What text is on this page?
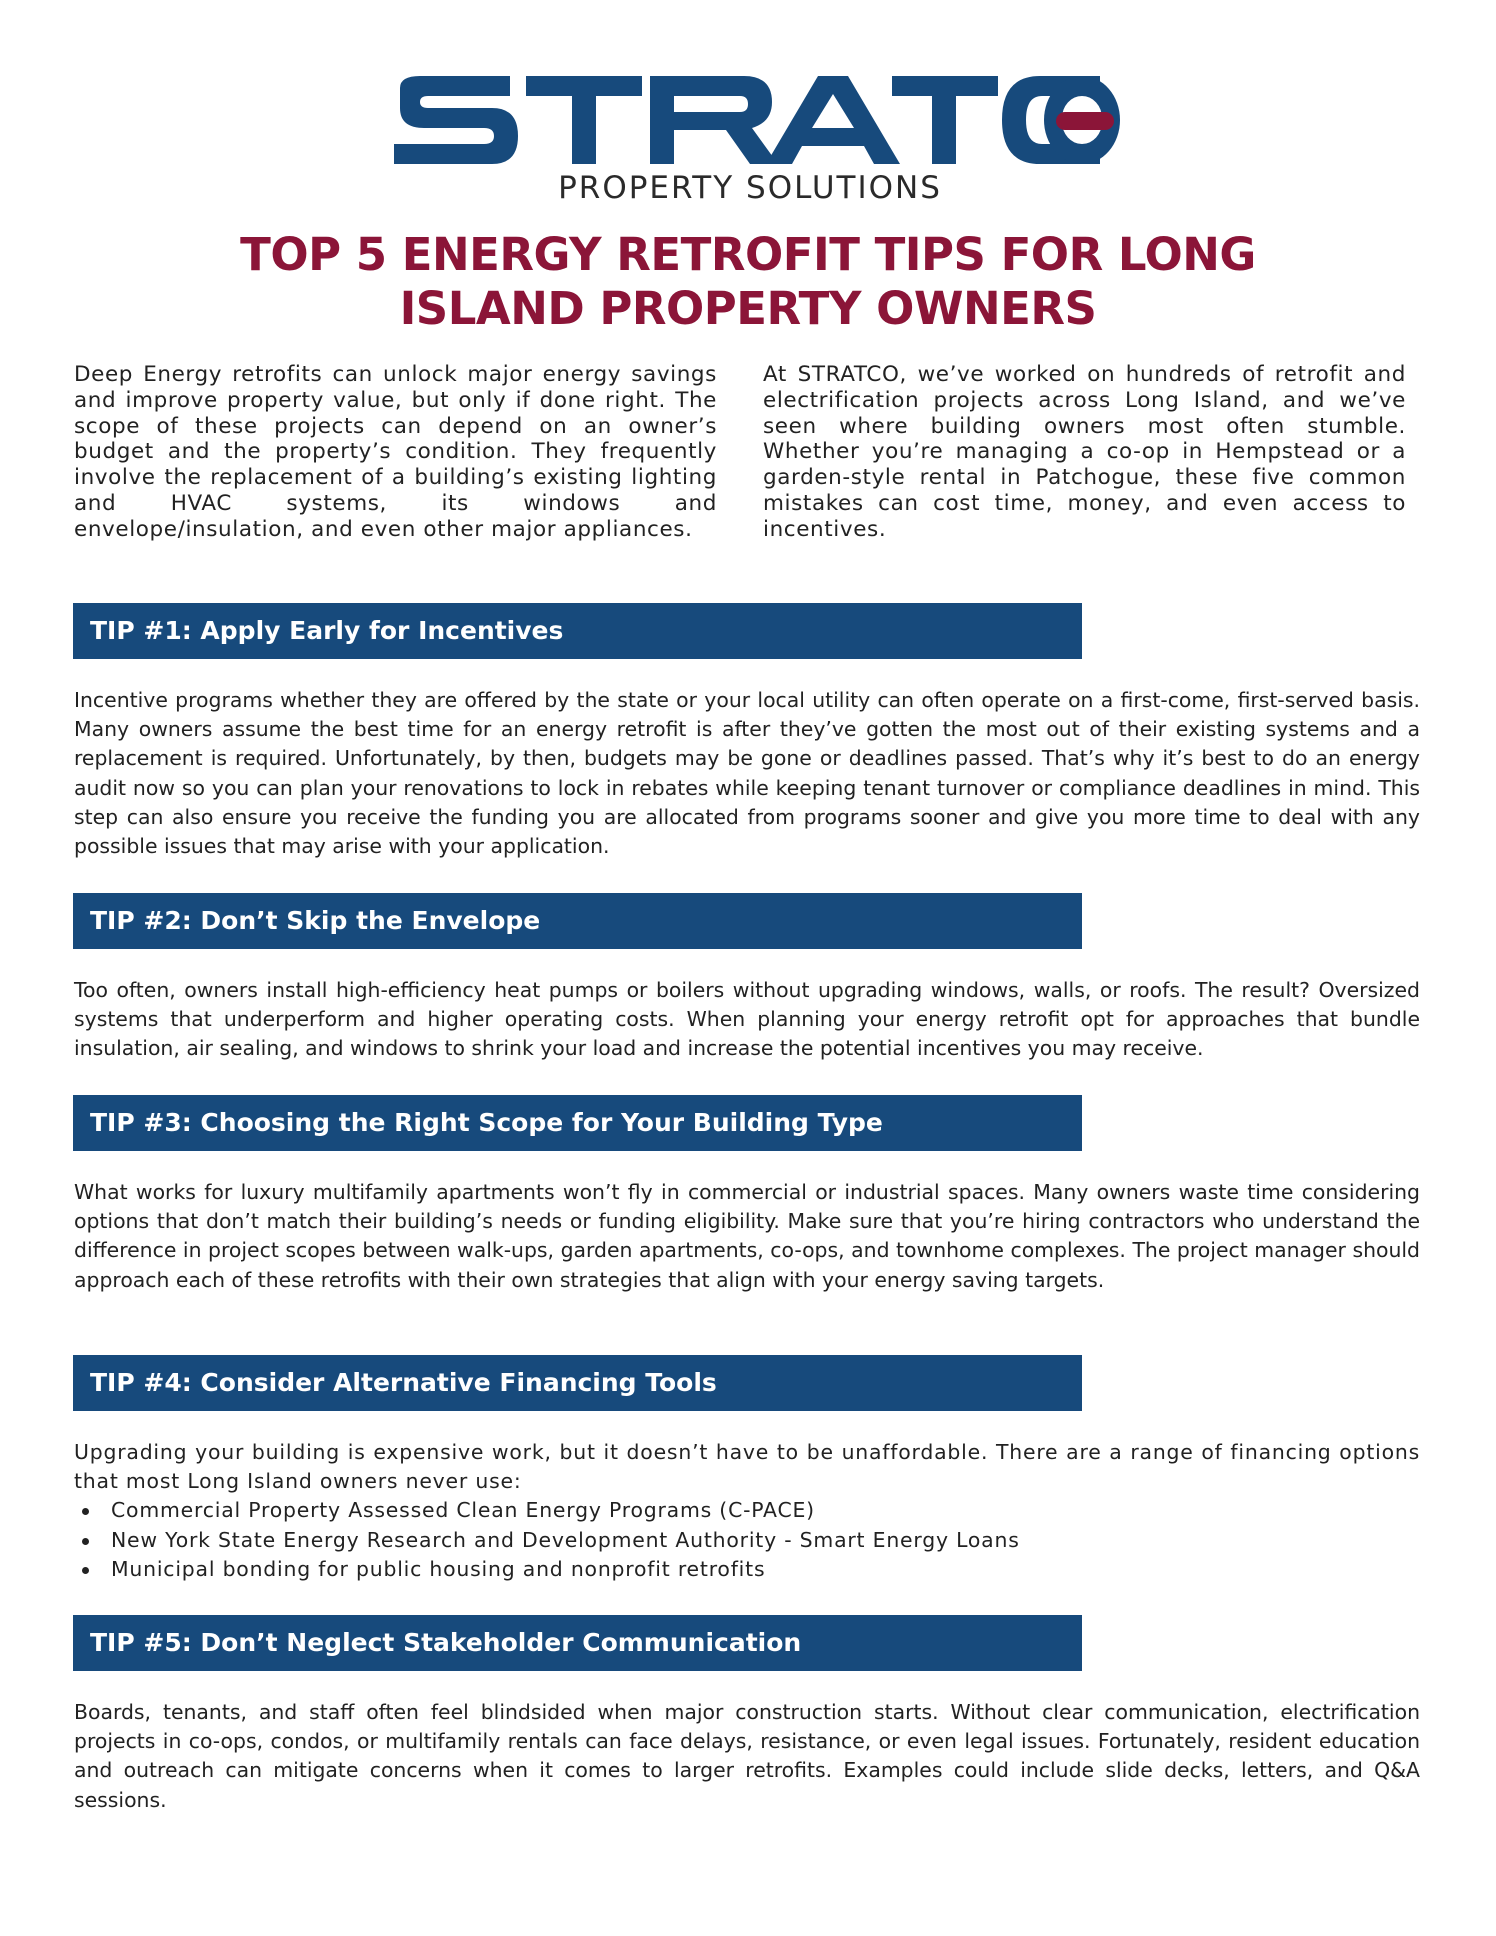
PROPERTY SOLUTIONS
TOP 5 ENERGY RETROFIT TIPS FOR LONG
ISLAND PROPERTY OWNERS
Deep Energy retrofits can unlock major energy savings and improve property value, but only if done right. The scope of these projects can depend on an owner’s budget and the property’s condition. They frequently involve the replacement of a building’s existing lighting and HVAC systems, its windows and envelope/insulation, and even other major appliances.
At STRATCO, we’ve worked on hundreds of retrofit and electrification projects across Long Island, and we’ve seen where building owners most often stumble. Whether you’re managing a co-op in Hempstead or a garden-style rental in Patchogue, these five common mistakes can cost time, money, and even access to incentives.
TIP #1: Apply Early for Incentives
Incentive programs whether they are offered by the state or your local utility can often operate on a first-come, first-served basis. Many owners assume the best time for an energy retrofit is after they’ve gotten the most out of their existing systems and a replacement is required. Unfortunately, by then, budgets may be gone or deadlines passed. That’s why it’s best to do an energy audit now so you can plan your renovations to lock in rebates while keeping tenant turnover or compliance deadlines in mind. This step can also ensure you receive the funding you are allocated from programs sooner and give you more time to deal with any possible issues that may arise with your application.
TIP #2: Don’t Skip the Envelope
Too often, owners install high-efficiency heat pumps or boilers without upgrading windows, walls, or roofs. The result? Oversized systems that underperform and higher operating costs. When planning your energy retrofit opt for approaches that bundle insulation, air sealing, and windows to shrink your load and increase the potential incentives you may receive.
TIP #3: Choosing the Right Scope for Your Building Type
What works for luxury multifamily apartments won’t fly in commercial or industrial spaces. Many owners waste time considering options that don’t match their building’s needs or funding eligibility. Make sure that you’re hiring contractors who understand the difference in project scopes between walk-ups, garden apartments, co-ops, and townhome complexes. The project manager should approach each of these retrofits with their own strategies that align with your energy saving targets.
TIP #4: Consider Alternative Financing Tools
Upgrading your building is expensive work, but it doesn’t have to be unaffordable. There are a range of financing options that most Long Island owners never use:
Commercial Property Assessed Clean Energy Programs (C-PACE)
New York State Energy Research and Development Authority - Smart Energy Loans
Municipal bonding for public housing and nonprofit retrofits
TIP #5: Don’t Neglect Stakeholder Communication
Boards, tenants, and staff often feel blindsided when major construction starts. Without clear communication, electrification projects in co-ops, condos, or multifamily rentals can face delays, resistance, or even legal issues. Fortunately, resident education and outreach can mitigate concerns when it comes to larger retrofits. Examples could include slide decks, letters, and Q&A sessions.
